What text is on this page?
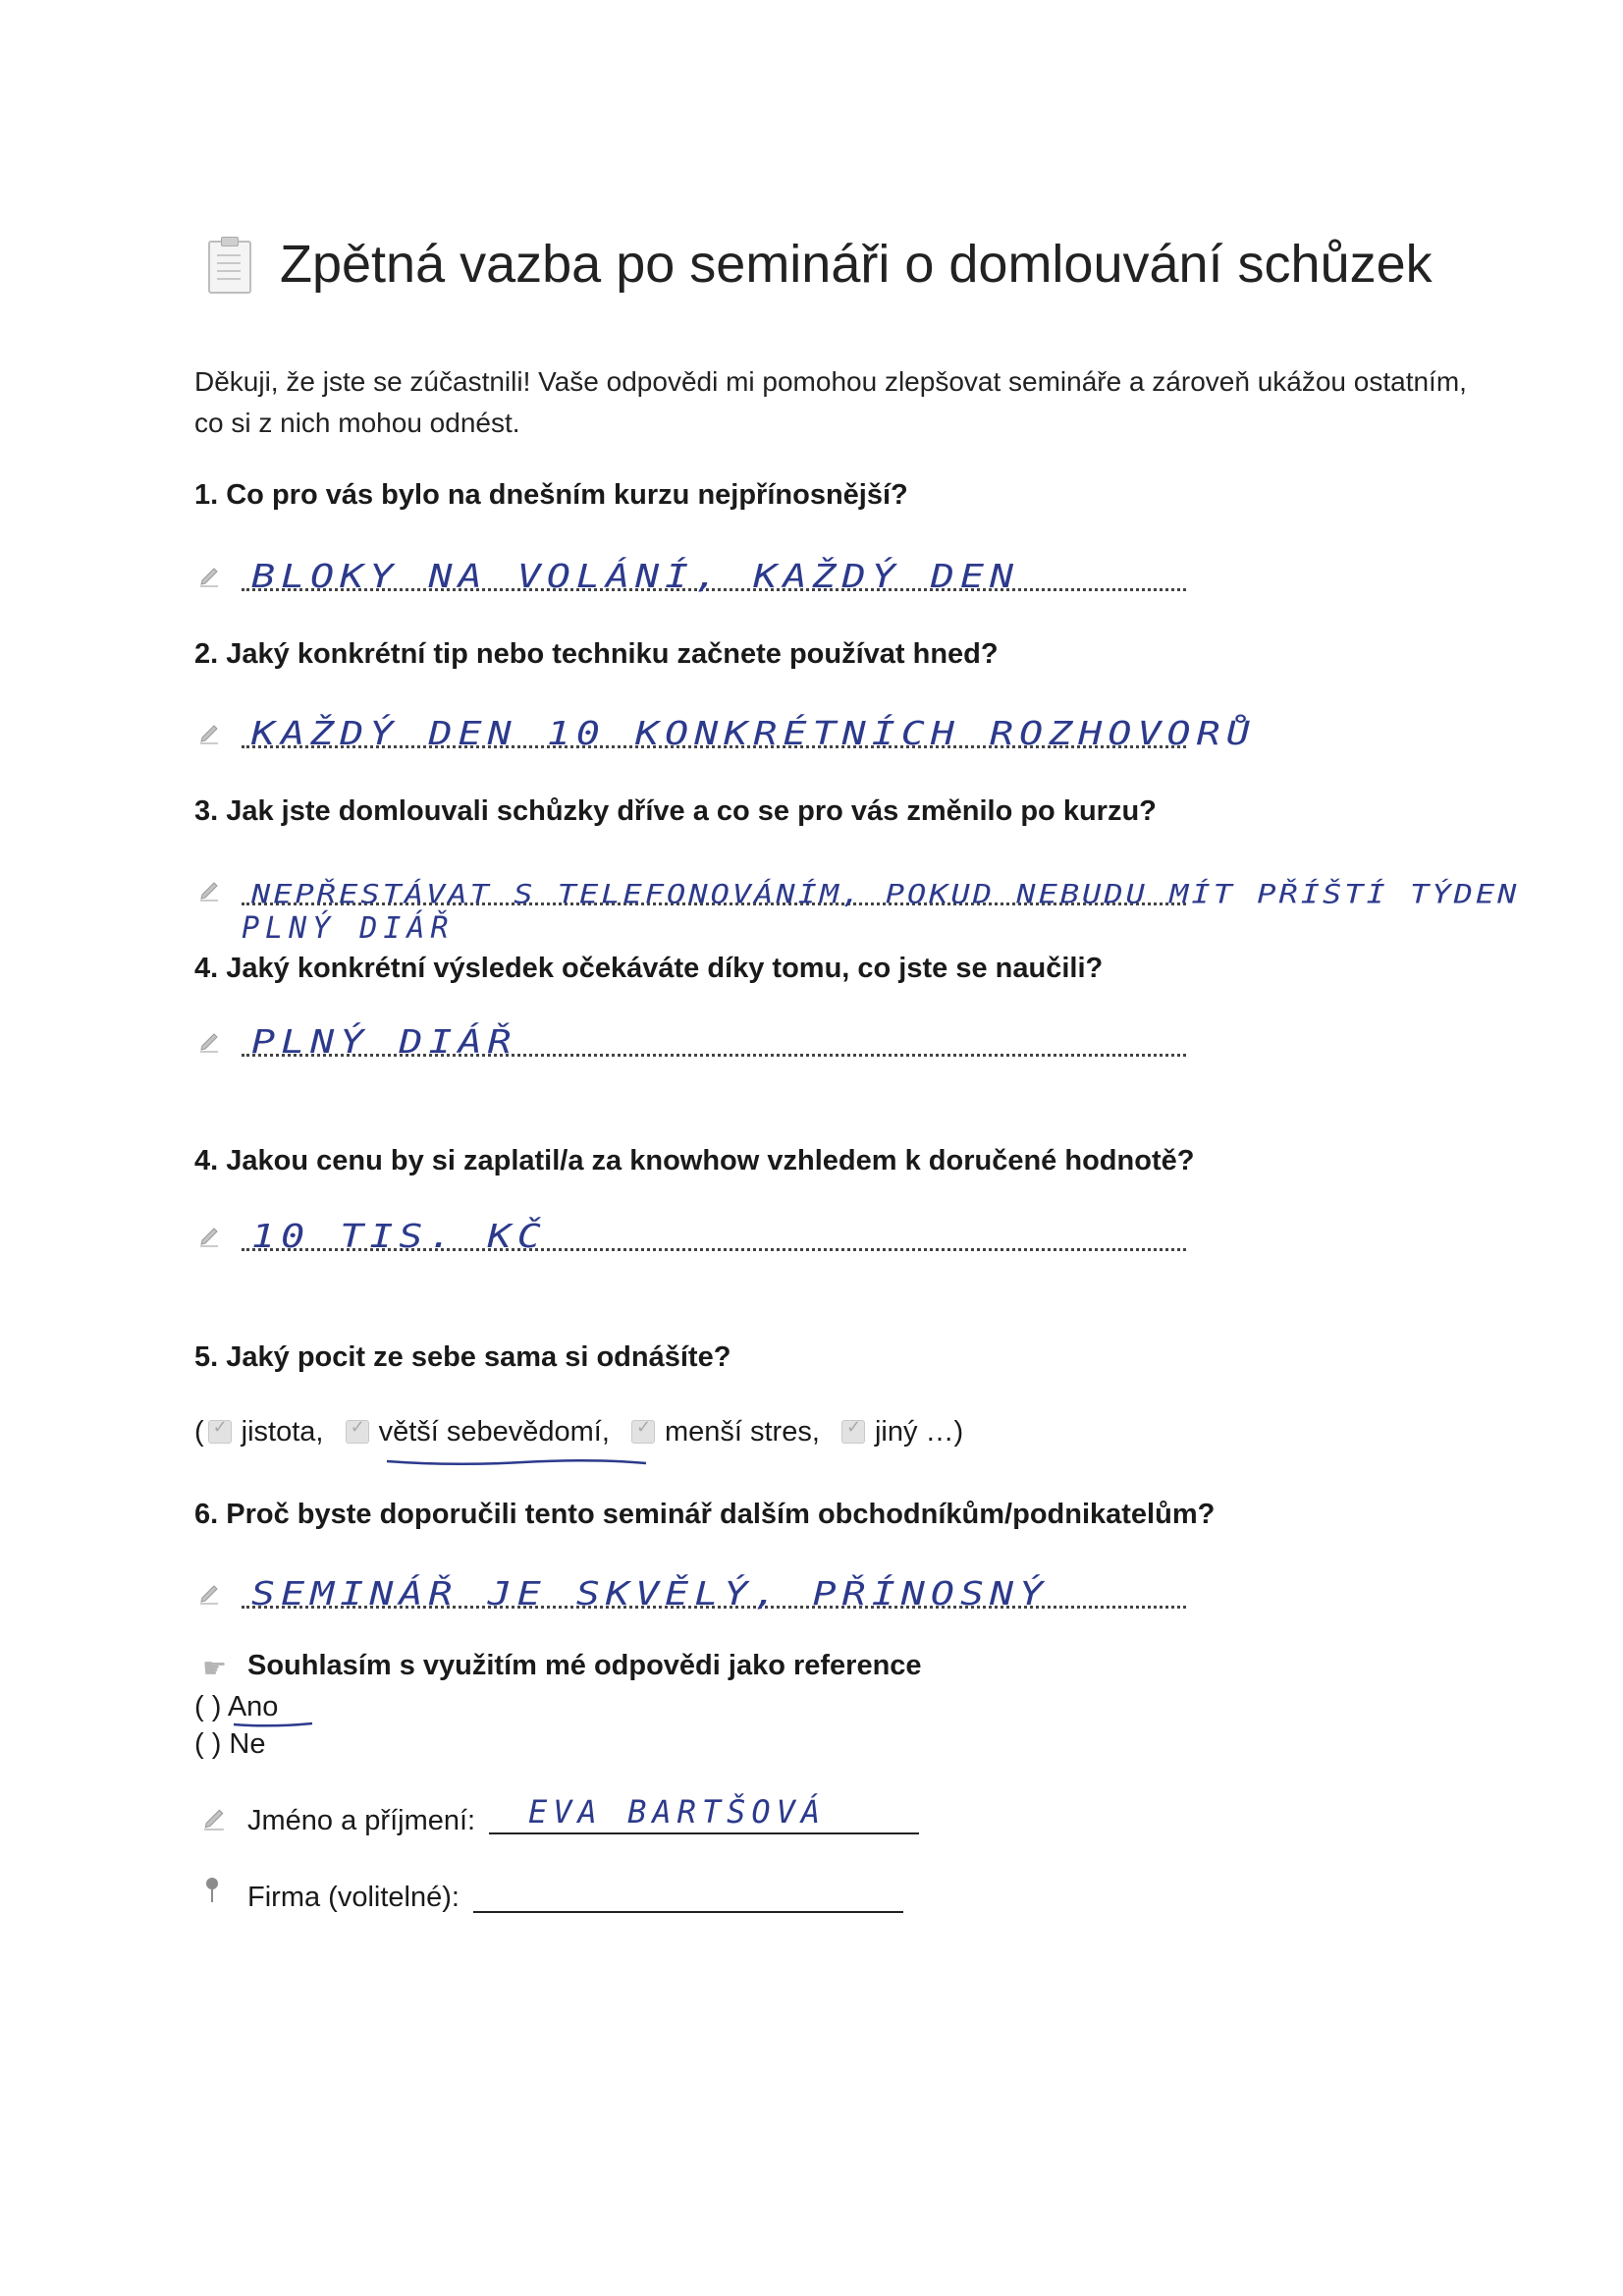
Zpětná vazba po semináři o domlouvání schůzek
Děkuji, že jste se zúčastnili! Vaše odpovědi mi pomohou zlepšovat semináře a zároveň ukážou ostatním, co si z nich mohou odnést.
1. Co pro vás bylo na dnešním kurzu nejpřínosnější?
BLOKY NA VOLÁNÍ, KAŽDÝ DEN
2. Jaký konkrétní tip nebo techniku začnete používat hned?
KAŽDÝ DEN 10 KONKRÉTNÍCH ROZHOVORŮ
3. Jak jste domlouvali schůzky dříve a co se pro vás změnilo po kurzu?
NEPŘESTÁVAT S TELEFONOVÁNÍM, POKUD NEBUDU MÍT PŘÍŠTÍ TÝDEN
PLNÝ DIÁŘ
4. Jaký konkrétní výsledek očekáváte díky tomu, co jste se naučili?
PLNÝ DIÁŘ
4. Jakou cenu by si zaplatil/a za knowhow vzhledem k doručené hodnotě?
10 TIS. KČ
5. Jaký pocit ze sebe sama si odnášíte?
( ✓ jistota, ✓ větší sebevědomí, ✓ menší stres, ✓ jiný …)
6. Proč byste doporučili tento seminář dalším obchodníkům/podnikatelům?
SEMINÁŘ JE SKVĚLÝ, PŘÍNOSNÝ
☛ Souhlasím s využitím mé odpovědi jako reference
( ) Ano
( ) Ne
Jméno a příjmení: EVA BARTŠOVÁ
Firma (volitelné):
